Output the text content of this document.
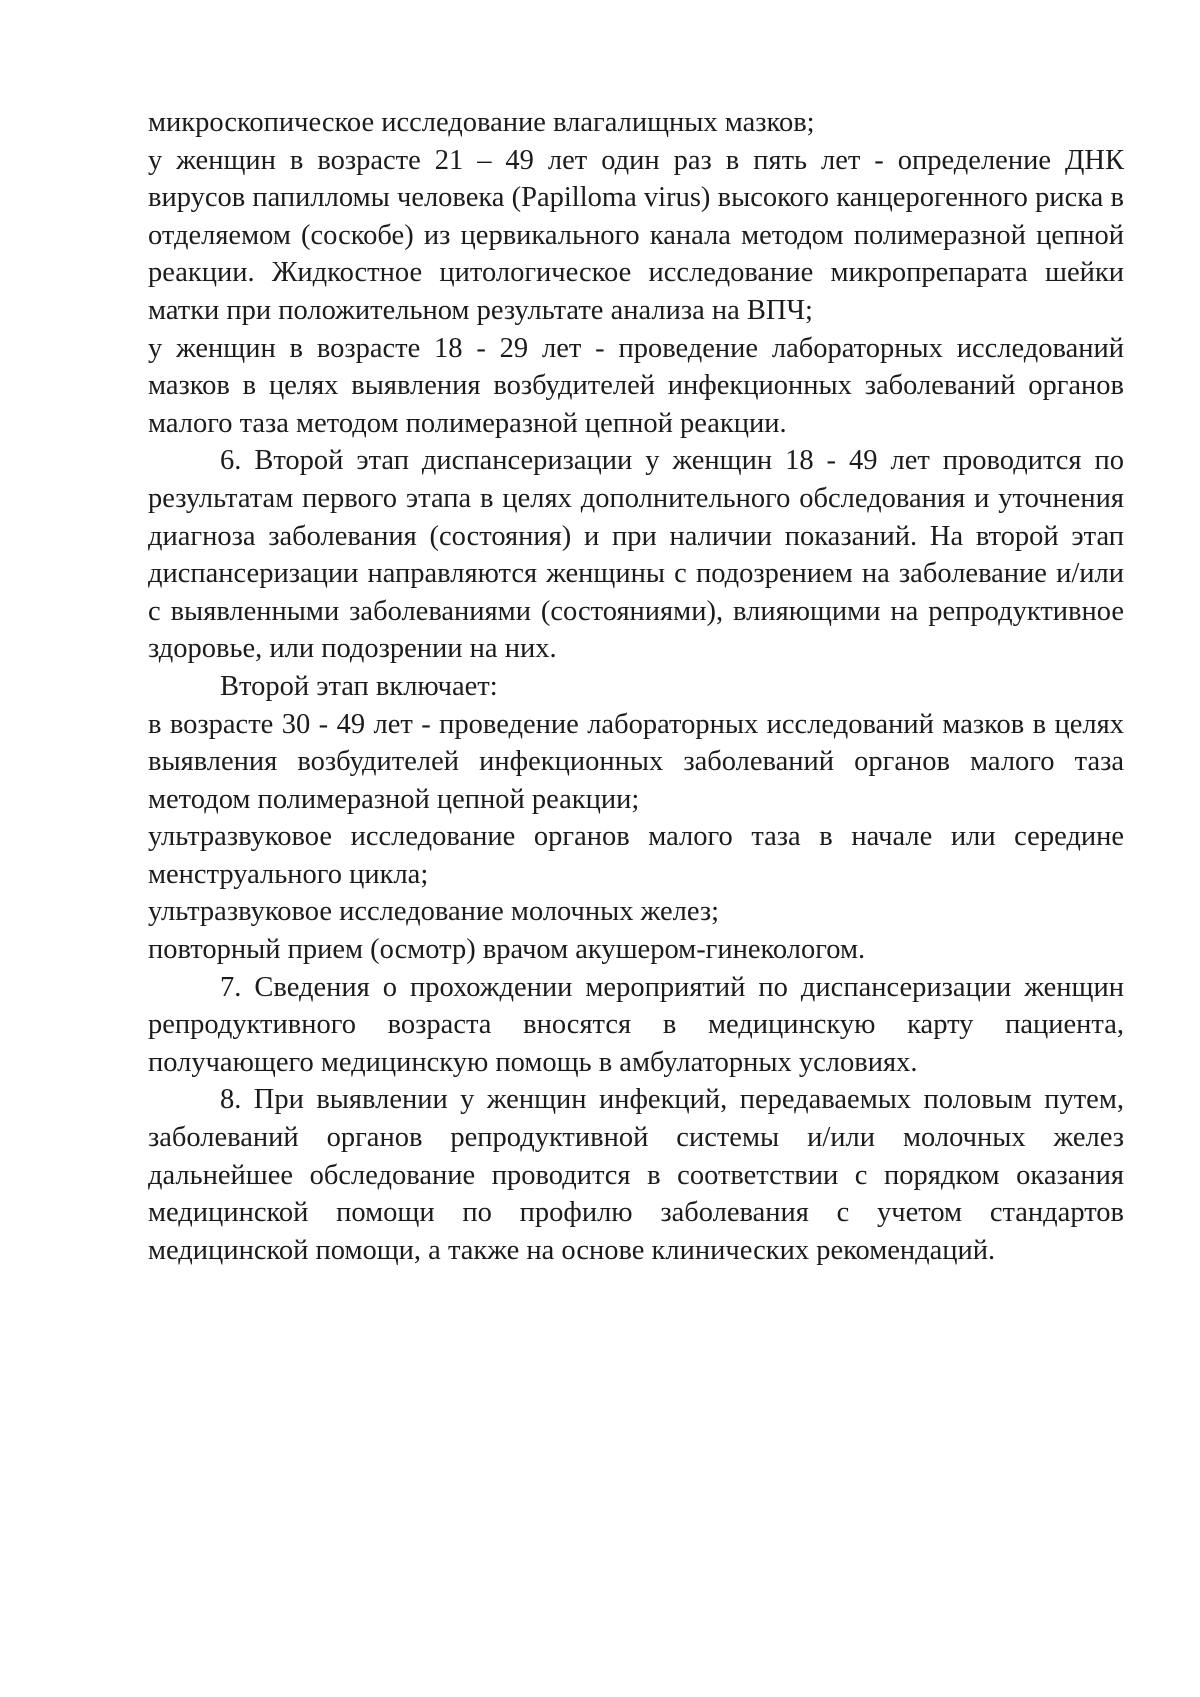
микроскопическое исследование влагалищных мазков;

у женщин в возрасте 21 – 49 лет один раз в пять лет - определение ДНК вирусов папилломы человека (Papilloma virus) высокого канцерогенного риска в отделяемом (соскобе) из цервикального канала методом полимеразной цепной реакции. Жидкостное цитологическое исследование микропрепарата шейки матки при положительном результате анализа на ВПЧ;

у женщин в возрасте 18 - 29 лет - проведение лабораторных исследований мазков в целях выявления возбудителей инфекционных заболеваний органов малого таза методом полимеразной цепной реакции.

6. Второй этап диспансеризации у женщин 18 - 49 лет проводится по результатам первого этапа в целях дополнительного обследования и уточнения диагноза заболевания (состояния) и при наличии показаний. На второй этап диспансеризации направляются женщины с подозрением на заболевание и/или с выявленными заболеваниями (состояниями), влияющими на репродуктивное здоровье, или подозрении на них.

Второй этап включает:

в возрасте 30 - 49 лет - проведение лабораторных исследований мазков в целях выявления возбудителей инфекционных заболеваний органов малого таза методом полимеразной цепной реакции;

ультразвуковое исследование органов малого таза в начале или середине менструального цикла;

ультразвуковое исследование молочных желез;

повторный прием (осмотр) врачом акушером-гинекологом.

7. Сведения о прохождении мероприятий по диспансеризации женщин репродуктивного возраста вносятся в медицинскую карту пациента, получающего медицинскую помощь в амбулаторных условиях.

8. При выявлении у женщин инфекций, передаваемых половым путем, заболеваний органов репродуктивной системы и/или молочных желез дальнейшее обследование проводится в соответствии с порядком оказания медицинской помощи по профилю заболевания с учетом стандартов медицинской помощи, а также на основе клинических рекомендаций.
